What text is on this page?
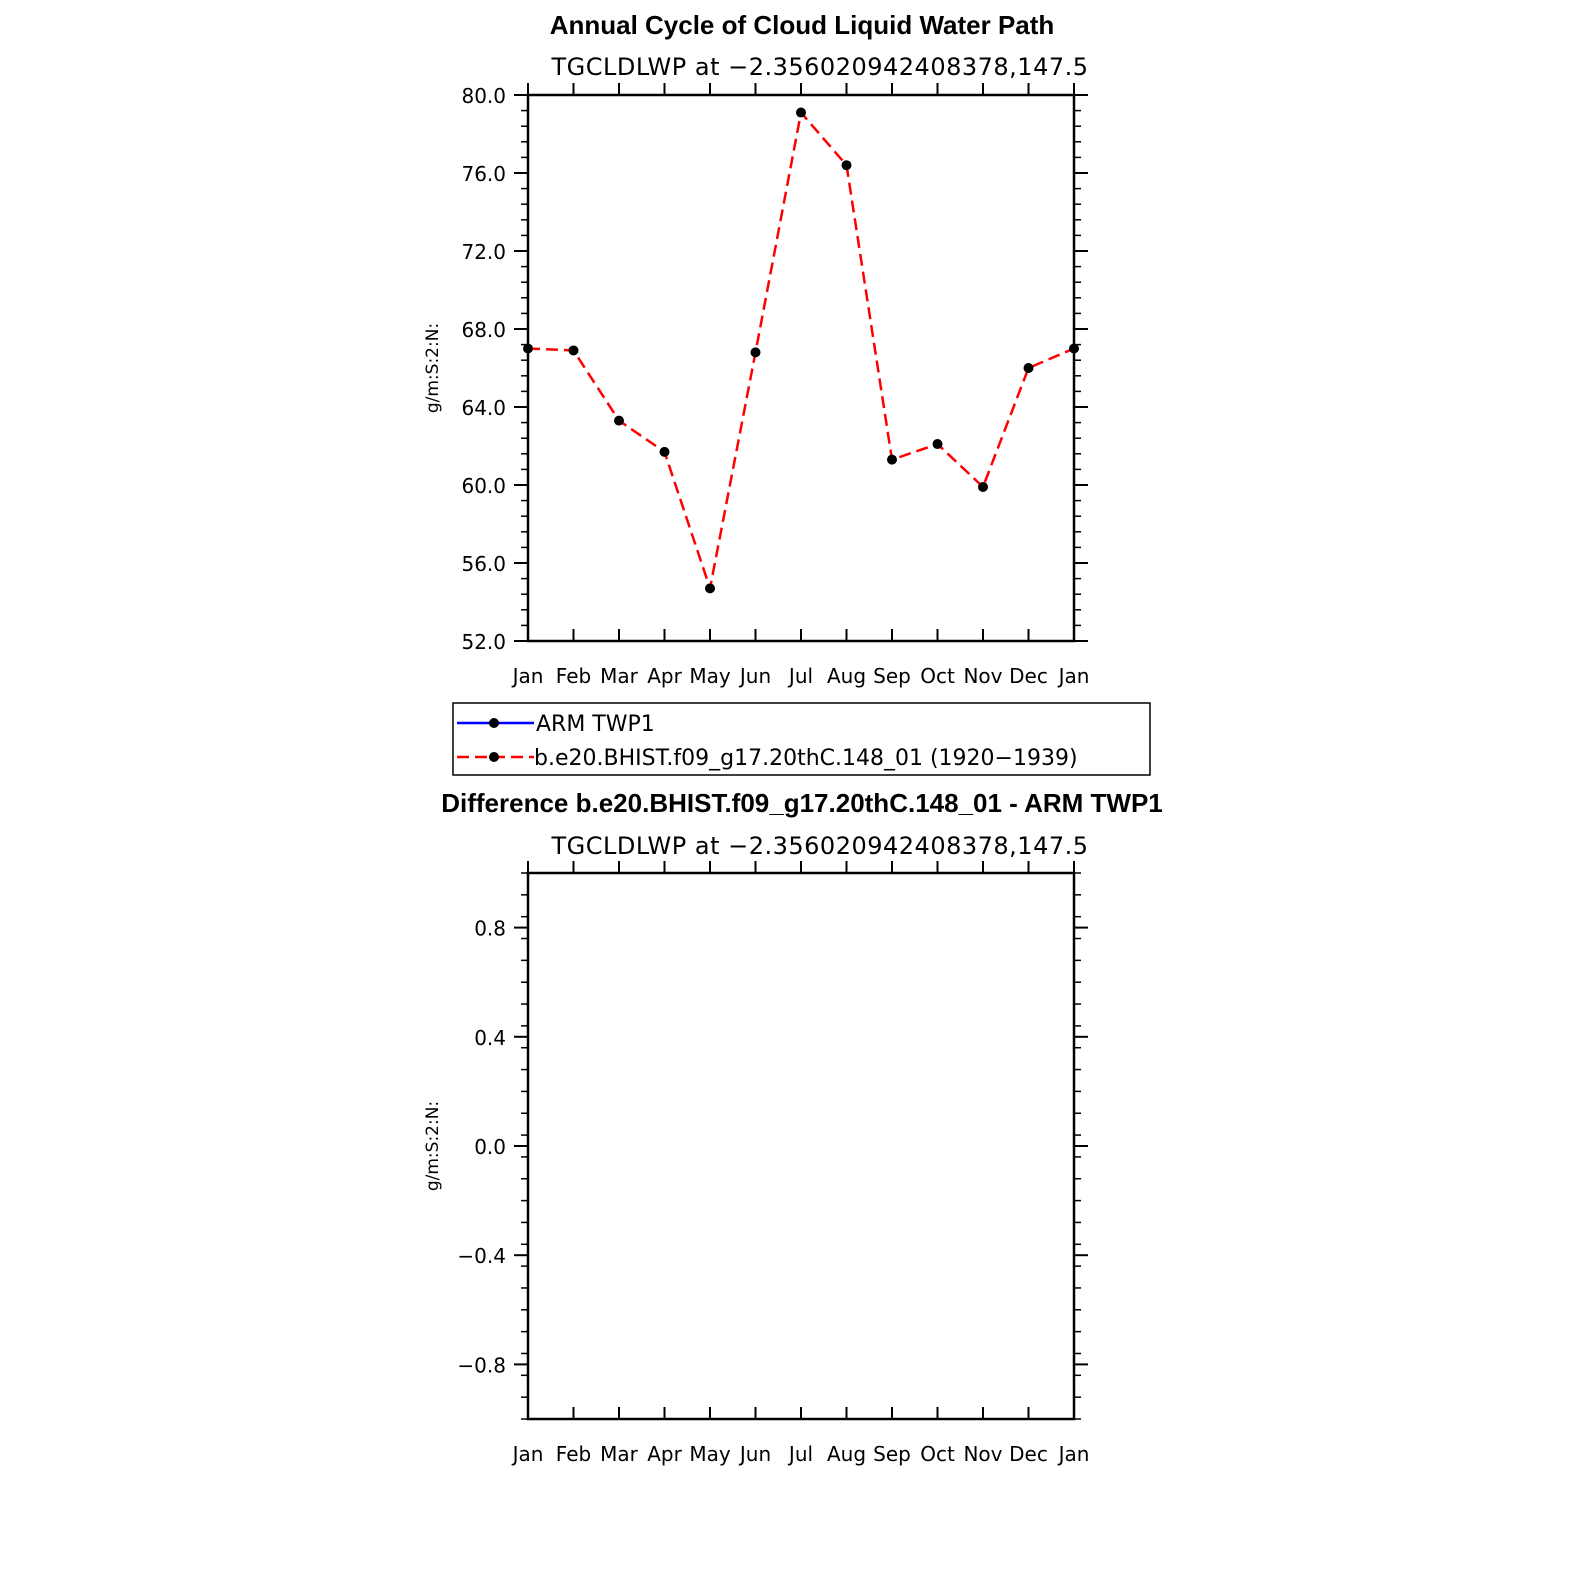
Annual Cycle of Cloud Liquid Water Path
TGCLDLWP at −2.356020942408378,147.5
g/m:S:2:N:
52.0
56.0
60.0
64.0
68.0
72.0
76.0
80.0
Jan Feb Mar Apr May Jun Jul Aug Sep Oct Nov Dec Jan
ARM TWP1
b.e20.BHIST.f09_g17.20thC.148_01 (1920−1939)
Difference b.e20.BHIST.f09_g17.20thC.148_01 - ARM TWP1
TGCLDLWP at −2.356020942408378,147.5
g/m:S:2:N:
−0.8
−0.4
0.0
0.4
0.8
Jan Feb Mar Apr May Jun Jul Aug Sep Oct Nov Dec Jan
